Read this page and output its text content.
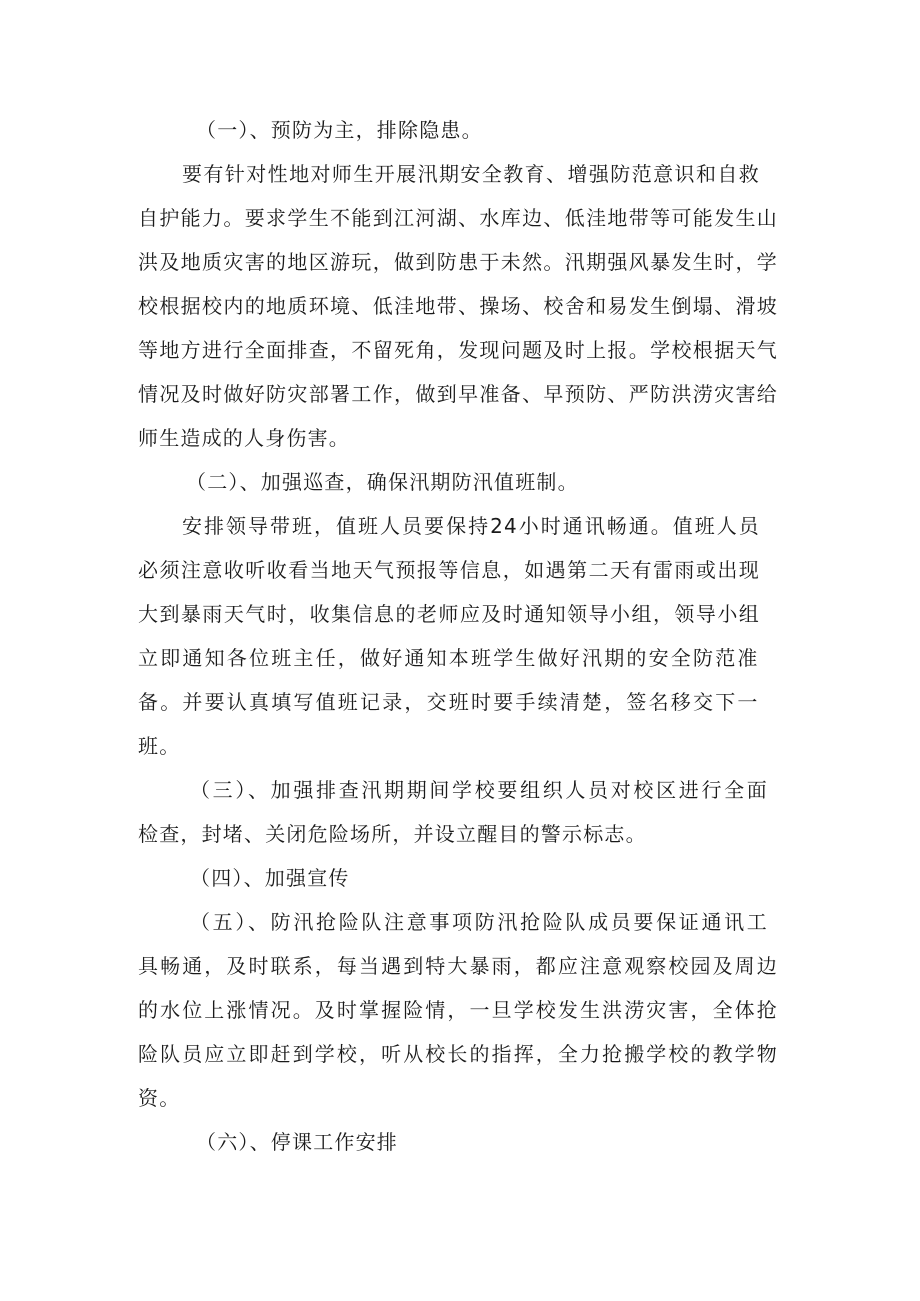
（一）、预防为主，排除隐患。
要有针对性地对师生开展汛期安全教育、增强防范意识和自救
自护能力。要求学生不能到江河湖、水库边、低洼地带等可能发生山
洪及地质灾害的地区游玩，做到防患于未然。汛期强风暴发生时，学
校根据校内的地质环境、低洼地带、操场、校舍和易发生倒塌、滑坡
等地方进行全面排查，不留死角，发现问题及时上报。学校根据天气
情况及时做好防灾部署工作，做到早准备、早预防、严防洪涝灾害给
师生造成的人身伤害。
（二）、加强巡查，确保汛期防汛值班制。
安排领导带班，值班人员要保持24小时通讯畅通。值班人员
必须注意收听收看当地天气预报等信息，如遇第二天有雷雨或出现
大到暴雨天气时，收集信息的老师应及时通知领导小组，领导小组
立即通知各位班主任，做好通知本班学生做好汛期的安全防范准
备。并要认真填写值班记录，交班时要手续清楚，签名移交下一
班。
（三）、加强排查汛期期间学校要组织人员对校区进行全面
检查，封堵、关闭危险场所，并设立醒目的警示标志。
（四）、加强宣传
（五）、防汛抢险队注意事项防汛抢险队成员要保证通讯工
具畅通，及时联系，每当遇到特大暴雨，都应注意观察校园及周边
的水位上涨情况。及时掌握险情，一旦学校发生洪涝灾害，全体抢
险队员应立即赶到学校，听从校长的指挥，全力抢搬学校的教学物
资。
（六）、停课工作安排
